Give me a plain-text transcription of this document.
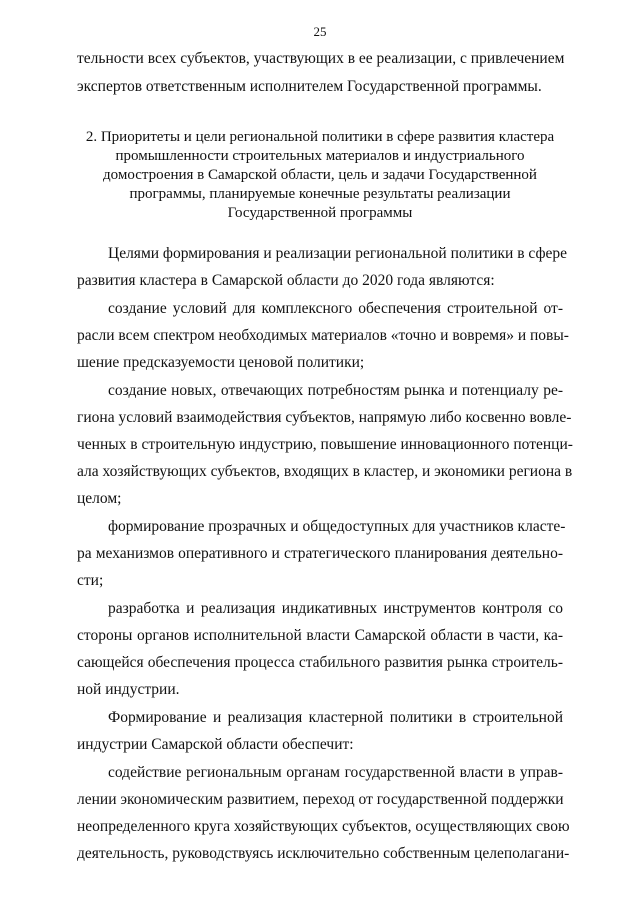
25
тельности всех субъектов, участвующих в ее реализации, с привлечением
экспертов ответственным исполнителем Государственной программы.
2. Приоритеты и цели региональной политики в сфере развития кластера
промышленности строительных материалов и индустриального
домостроения в Самарской области, цель и задачи Государственной
программы, планируемые конечные результаты реализации
Государственной программы
Целями формирования и реализации региональной политики в сфере
развития кластера в Самарской области до 2020 года являются:
создание условий для комплексного обеспечения строительной от-
расли всем спектром необходимых материалов «точно и вовремя» и повы-
шение предсказуемости ценовой политики;
создание новых, отвечающих потребностям рынка и потенциалу ре-
гиона условий взаимодействия субъектов, напрямую либо косвенно вовле-
ченных в строительную индустрию, повышение инновационного потенци-
ала хозяйствующих субъектов, входящих в кластер, и экономики региона в
целом;
формирование прозрачных и общедоступных для участников класте-
ра механизмов оперативного и стратегического планирования деятельно-
сти;
разработка и реализация индикативных инструментов контроля со
стороны органов исполнительной власти Самарской области в части, ка-
сающейся обеспечения процесса стабильного развития рынка строитель-
ной индустрии.
Формирование и реализация кластерной политики в строительной
индустрии Самарской области обеспечит:
содействие региональным органам государственной власти в управ-
лении экономическим развитием, переход от государственной поддержки
неопределенного круга хозяйствующих субъектов, осуществляющих свою
деятельность, руководствуясь исключительно собственным целеполагани-
